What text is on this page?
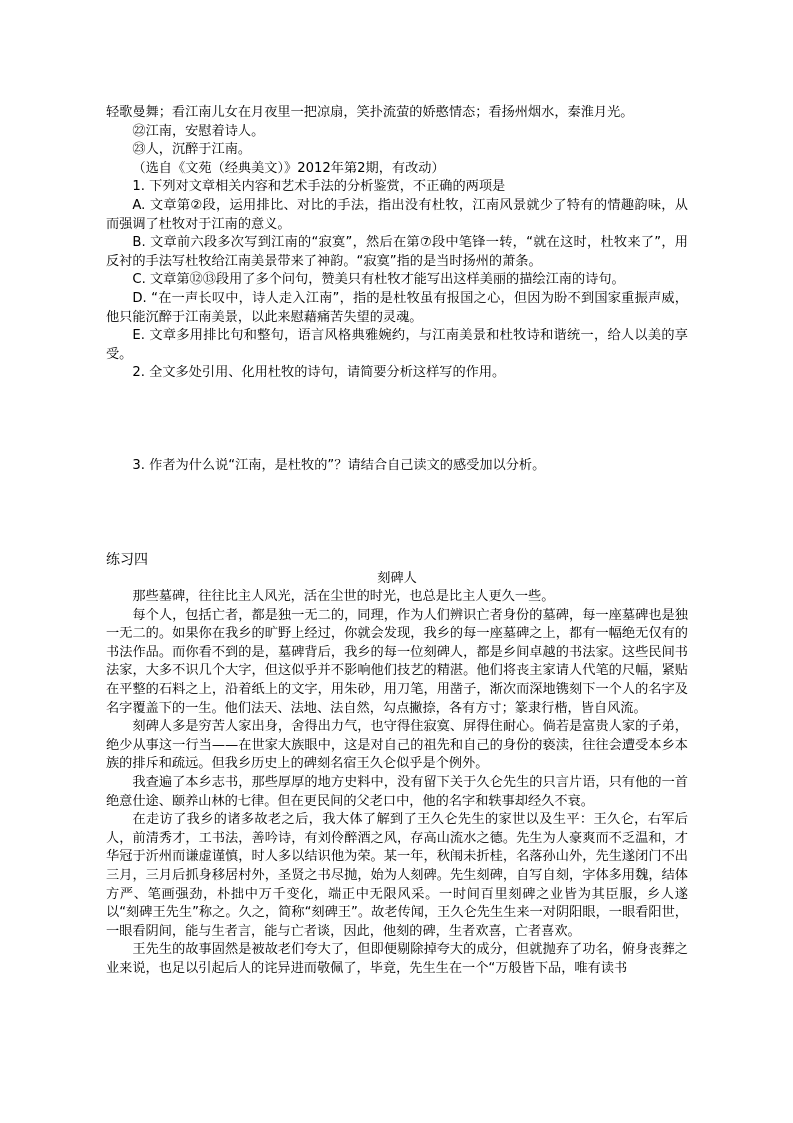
轻歌曼舞；看江南儿女在月夜里一把凉扇，笑扑流萤的娇憨情态；看扬州烟水，秦淮月光。

㉒江南，安慰着诗人。

㉓人，沉醉于江南。

（选自《文苑（经典美文）》2012年第2期，有改动）

1. 下列对文章相关内容和艺术手法的分析鉴赏，不正确的两项是

A. 文章第②段，运用排比、对比的手法，指出没有杜牧，江南风景就少了特有的情趣韵味，从而强调了杜牧对于江南的意义。

B. 文章前六段多次写到江南的“寂寞”，然后在第⑦段中笔锋一转，“就在这时，杜牧来了”，用反衬的手法写杜牧给江南美景带来了神韵。“寂寞”指的是当时扬州的萧条。

C. 文章第⑫⑬段用了多个问句，赞美只有杜牧才能写出这样美丽的描绘江南的诗句。

D. “在一声长叹中，诗人走入江南”，指的是杜牧虽有报国之心，但因为盼不到国家重振声威，他只能沉醉于江南美景，以此来慰藉痛苦失望的灵魂。

E. 文章多用排比句和整句，语言风格典雅婉约，与江南美景和杜牧诗和谐统一，给人以美的享受。

2. 全文多处引用、化用杜牧的诗句，请简要分析这样写的作用。

3. 作者为什么说“江南，是杜牧的”？请结合自己读文的感受加以分析。

练习四

刻碑人

那些墓碑，往往比主人风光，活在尘世的时光，也总是比主人更久一些。

每个人，包括亡者，都是独一无二的，同理，作为人们辨识亡者身份的墓碑，每一座墓碑也是独一无二的。如果你在我乡的旷野上经过，你就会发现，我乡的每一座墓碑之上，都有一幅绝无仅有的书法作品。而你看不到的是，墓碑背后，我乡的每一位刻碑人，都是乡间卓越的书法家。这些民间书法家，大多不识几个大字，但这似乎并不影响他们技艺的精湛。他们将丧主家请人代笔的尺幅，紧贴在平整的石料之上，沿着纸上的文字，用朱砂，用刀笔，用凿子，渐次而深地镌刻下一个人的名字及名字覆盖下的一生。他们法天、法地、法自然，勾点撇捺，各有方寸；篆隶行楷，皆自风流。

刻碑人多是穷苦人家出身，舍得出力气，也守得住寂寞、屏得住耐心。倘若是富贵人家的子弟，绝少从事这一行当——在世家大族眼中，这是对自己的祖先和自己的身份的亵渎，往往会遭受本乡本族的排斥和疏远。但我乡历史上的碑刻名宿王久仑似乎是个例外。

我查遍了本乡志书，那些厚厚的地方史料中，没有留下关于久仑先生的只言片语，只有他的一首绝意仕途、颐养山林的七律。但在更民间的父老口中，他的名字和轶事却经久不衰。

在走访了我乡的诸多故老之后，我大体了解到了王久仑先生的家世以及生平：王久仑，右军后人，前清秀才，工书法，善吟诗，有刘伶醉酒之风，存高山流水之德。先生为人豪爽而不乏温和，才华冠于沂州而谦虚谨慎，时人多以结识他为荣。某一年，秋闱未折桂，名落孙山外，先生遂闭门不出三月，三月后抓身移居村外，圣贤之书尽抛，始为人刻碑。先生刻碑，自写自刻，字体多用魏，结体方严、笔画强劲，朴拙中万千变化，端正中无限风采。一时间百里刻碑之业皆为其臣服，乡人遂以“刻碑王先生”称之。久之，简称“刻碑王”。故老传闻，王久仑先生生来一对阴阳眼，一眼看阳世，一眼看阴间，能与生者言，能与亡者谈，因此，他刻的碑，生者欢喜，亡者喜欢。

王先生的故事固然是被故老们夸大了，但即便剔除掉夸大的成分，但就抛弃了功名，俯身丧葬之业来说，也足以引起后人的诧异进而敬佩了，毕竟，先生生在一个“万般皆下品，唯有读书
